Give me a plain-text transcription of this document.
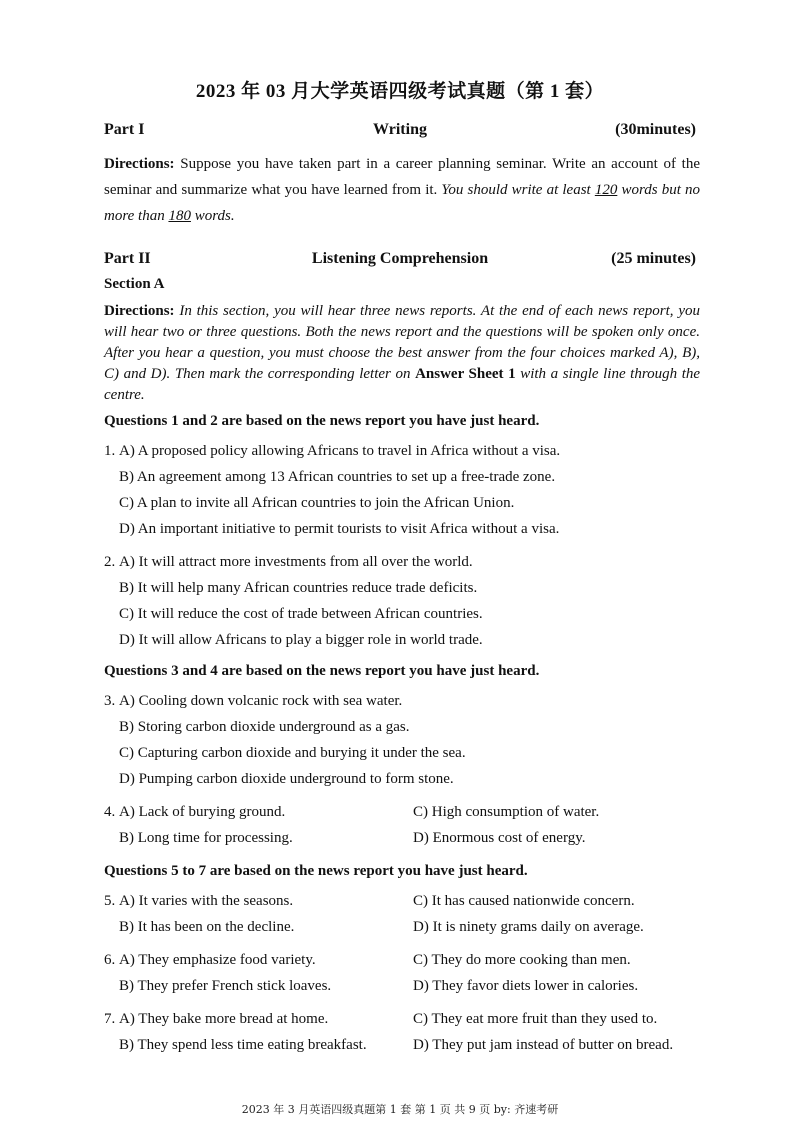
2023 年 03 月大学英语四级考试真题（第 1 套）
Part I	Writing	(30minutes)
Directions: Suppose you have taken part in a career planning seminar. Write an account of the seminar and summarize what you have learned from it. You should write at least 120 words but no more than 180 words.
Part II	Listening Comprehension	(25 minutes)
Section A
Directions: In this section, you will hear three news reports. At the end of each news report, you will hear two or three questions. Both the news report and the questions will be spoken only once. After you hear a question, you must choose the best answer from the four choices marked A), B), C) and D). Then mark the corresponding letter on Answer Sheet 1 with a single line through the centre.
Questions 1 and 2 are based on the news report you have just heard.
1. A) A proposed policy allowing Africans to travel in Africa without a visa.
B) An agreement among 13 African countries to set up a free-trade zone.
C) A plan to invite all African countries to join the African Union.
D) An important initiative to permit tourists to visit Africa without a visa.
2. A) It will attract more investments from all over the world.
B) It will help many African countries reduce trade deficits.
C) It will reduce the cost of trade between African countries.
D) It will allow Africans to play a bigger role in world trade.
Questions 3 and 4 are based on the news report you have just heard.
3. A) Cooling down volcanic rock with sea water.
B) Storing carbon dioxide underground as a gas.
C) Capturing carbon dioxide and burying it under the sea.
D) Pumping carbon dioxide underground to form stone.
4. A) Lack of burying ground.
B) Long time for processing.
C) High consumption of water.
D) Enormous cost of energy.
Questions 5 to 7 are based on the news report you have just heard.
5. A) It varies with the seasons.
B) It has been on the decline.
C) It has caused nationwide concern.
D) It is ninety grams daily on average.
6. A) They emphasize food variety.
B) They prefer French stick loaves.
C) They do more cooking than men.
D) They favor diets lower in calories.
7. A) They bake more bread at home.
B) They spend less time eating breakfast.
C) They eat more fruit than they used to.
D) They put jam instead of butter on bread.
2023 年 3 月英语四级真题第 1 套 第 1 页 共 9 页 by: 齐速考研
